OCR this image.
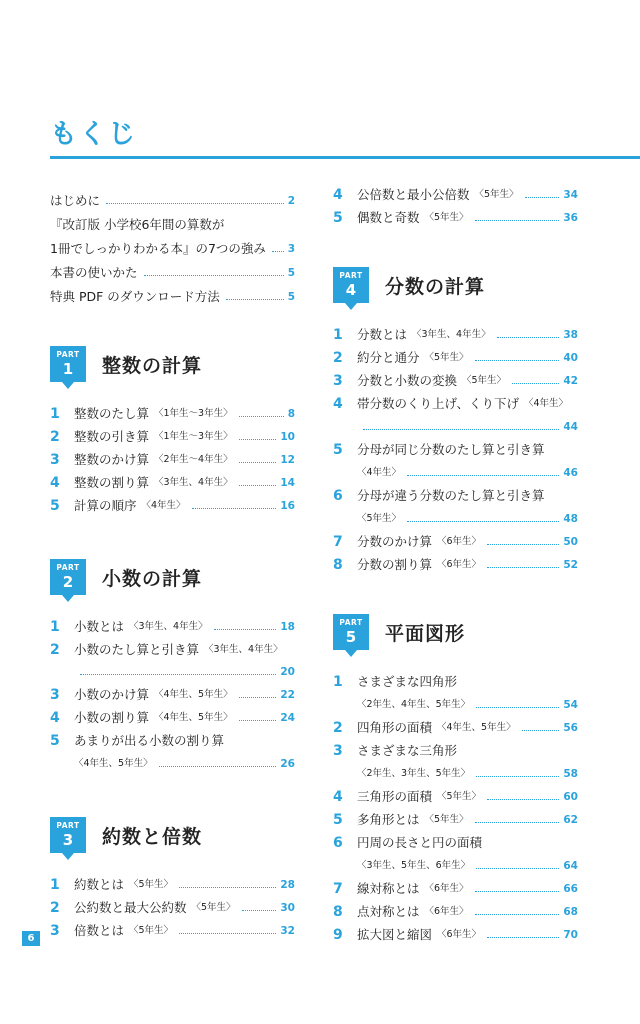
もくじ
はじめに	2
『改訂版 小学校6年間の算数が
1冊でしっかりわかる本』の7つの強み 3
本書の使いかた	5
特典 PDF のダウンロード方法	5
PART
1	整数の計算
1	整数のたし算 〈1年生〜3年生〉	8
2	整数の引き算 〈1年生〜3年生〉	10
3	整数のかけ算 〈2年生〜4年生〉	12
4	整数の割り算 〈3年生、4年生〉	14
5	計算の順序 〈4年生〉	16
PART
2	小数の計算
1	小数とは 〈3年生、4年生〉	18
2	小数のたし算と引き算 〈3年生、4年生〉
20
3	小数のかけ算 〈4年生、5年生〉	22
4	小数の割り算 〈4年生、5年生〉	24
5	あまりが出る小数の割り算
〈4年生、5年生〉	26
PART
3	約数と倍数
1	約数とは 〈5年生〉	28
2	公約数と最大公約数 〈5年生〉	30
3	倍数とは 〈5年生〉	32
4	公倍数と最小公倍数 〈5年生〉	34
5	偶数と奇数 〈5年生〉	36
PART
4	分数の計算
1	分数とは 〈3年生、4年生〉	38
2	約分と通分 〈5年生〉	40
3	分数と小数の変換 〈5年生〉	42
4	帯分数のくり上げ、くり下げ 〈4年生〉
44
5	分母が同じ分数のたし算と引き算
〈4年生〉	46
6	分母が違う分数のたし算と引き算
〈5年生〉	48
7	分数のかけ算 〈6年生〉	50
8	分数の割り算 〈6年生〉	52
PART
5	平面図形
1	さまざまな四角形
〈2年生、4年生、5年生〉	54
2	四角形の面積 〈4年生、5年生〉	56
3	さまざまな三角形
〈2年生、3年生、5年生〉	58
4	三角形の面積 〈5年生〉	60
5	多角形とは 〈5年生〉	62
6	円周の長さと円の面積
〈3年生、5年生、6年生〉	64
7	線対称とは 〈6年生〉	66
8	点対称とは 〈6年生〉	68
9	拡大図と縮図 〈6年生〉	70
6
